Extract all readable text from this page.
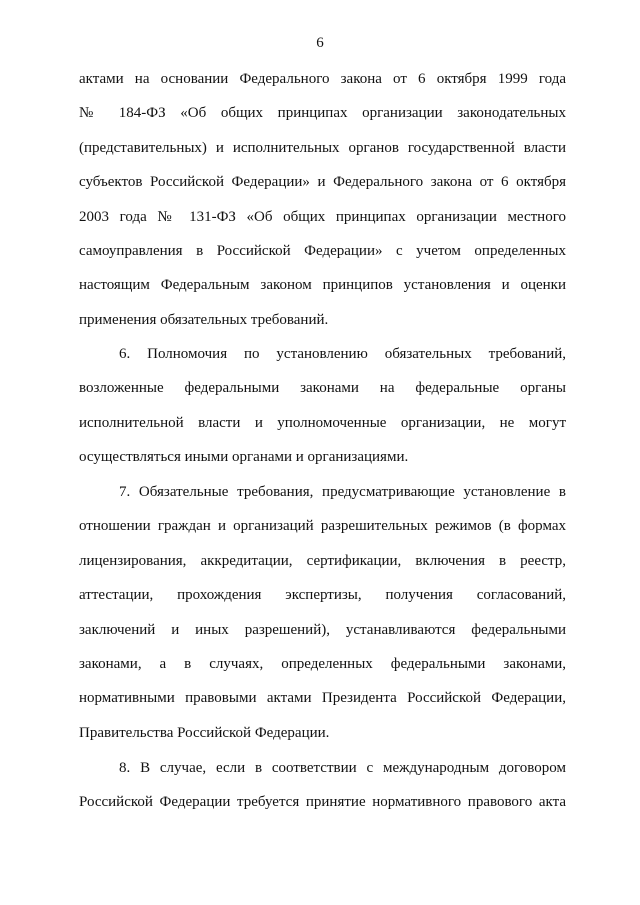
6
актами на основании Федерального закона от 6 октября 1999 года
№ 184-ФЗ «Об общих принципах организации законодательных
(представительных) и исполнительных органов государственной власти
субъектов Российской Федерации» и Федерального закона от 6 октября
2003 года № 131-ФЗ «Об общих принципах организации местного
самоуправления в Российской Федерации» с учетом определенных
настоящим Федеральным законом принципов установления и оценки
применения обязательных требований.
6. Полномочия по установлению обязательных требований,
возложенные федеральными законами на федеральные органы
исполнительной власти и уполномоченные организации, не могут
осуществляться иными органами и организациями.
7. Обязательные требования, предусматривающие установление в
отношении граждан и организаций разрешительных режимов (в формах
лицензирования, аккредитации, сертификации, включения в реестр,
аттестации, прохождения экспертизы, получения согласований,
заключений и иных разрешений), устанавливаются федеральными
законами, а в случаях, определенных федеральными законами,
нормативными правовыми актами Президента Российской Федерации,
Правительства Российской Федерации.
8. В случае, если в соответствии с международным договором
Российской Федерации требуется принятие нормативного правового акта
